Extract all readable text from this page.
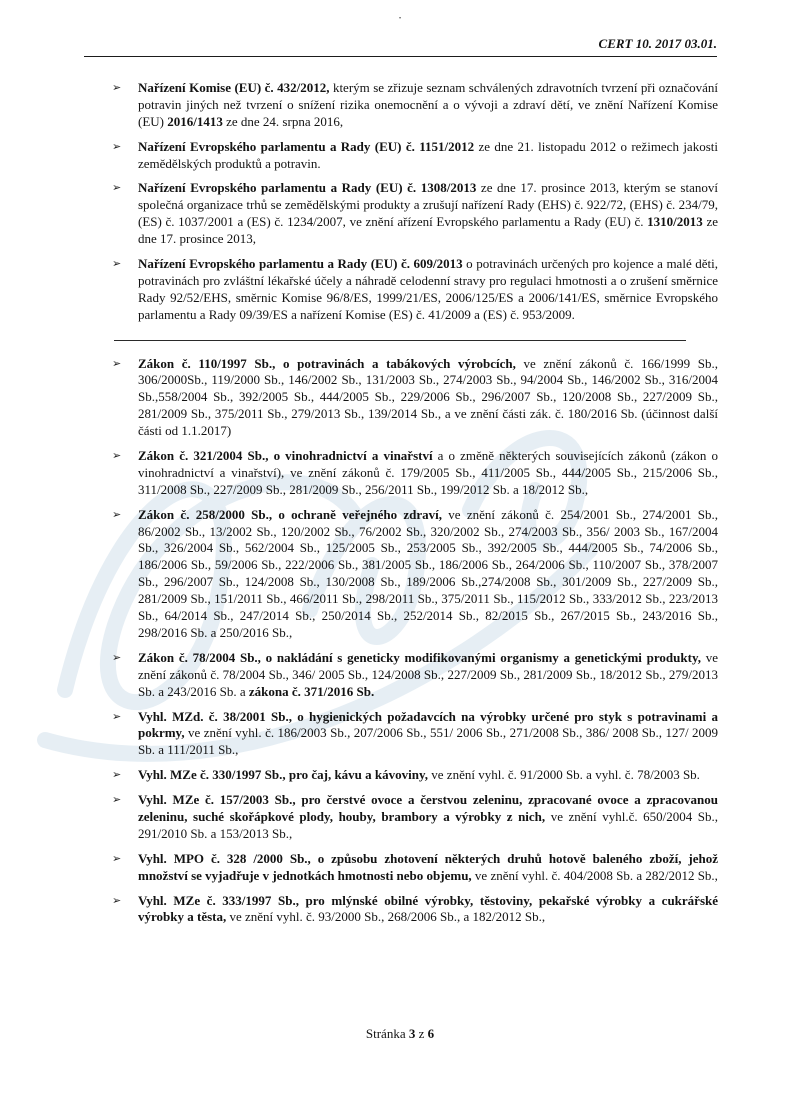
·
CERT 10. 2017 03.01.
➢ Nařízení Komise (EU) č. 432/2012, kterým se zřizuje seznam schválených zdravotních tvrzení při označování potravin jiných než tvrzení o snížení rizika onemocnění a o vývoji a zdraví dětí, ve znění Nařízení Komise (EU) 2016/1413 ze dne 24. srpna 2016,
➢ Nařízení Evropského parlamentu a Rady (EU) č. 1151/2012 ze dne 21. listopadu 2012 o režimech jakosti zemědělských produktů a potravin.
➢ Nařízení Evropského parlamentu a Rady (EU) č. 1308/2013 ze dne 17. prosince 2013, kterým se stanoví společná organizace trhů se zemědělskými produkty a zrušují nařízení Rady (EHS) č. 922/72, (EHS) č. 234/79, (ES) č. 1037/2001 a (ES) č. 1234/2007, ve znění ařízení Evropského parlamentu a Rady (EU) č. 1310/2013 ze dne 17. prosince 2013,
➢ Nařízení Evropského parlamentu a Rady (EU) č. 609/2013 o potravinách určených pro kojence a malé děti, potravinách pro zvláštní lékařské účely a náhradě celodenní stravy pro regulaci hmotnosti a o zrušení směrnice Rady 92/52/EHS, směrnic Komise 96/8/ES, 1999/21/ES, 2006/125/ES a 2006/141/ES, směrnice Evropského parlamentu a Rady 09/39/ES a nařízení Komise (ES) č. 41/2009 a (ES) č. 953/2009.
➢ Zákon č. 110/1997 Sb., o potravinách a tabákových výrobcích, ve znění zákonů č. 166/1999 Sb., 306/2000Sb., 119/2000 Sb., 146/2002 Sb., 131/2003 Sb., 274/2003 Sb., 94/2004 Sb., 146/2002 Sb., 316/2004 Sb.,558/2004 Sb., 392/2005 Sb., 444/2005 Sb., 229/2006 Sb., 296/2007 Sb., 120/2008 Sb., 227/2009 Sb., 281/2009 Sb., 375/2011 Sb., 279/2013 Sb., 139/2014 Sb., a ve znění části zák. č. 180/2016 Sb. (účinnost další části od 1.1.2017)
➢ Zákon č. 321/2004 Sb., o vinohradnictví a vinařství a o změně některých souvisejících zákonů (zákon o vinohradnictví a vinařství), ve znění zákonů č. 179/2005 Sb., 411/2005 Sb., 444/2005 Sb., 215/2006 Sb., 311/2008 Sb., 227/2009 Sb., 281/2009 Sb., 256/2011 Sb., 199/2012 Sb. a 18/2012 Sb.,
➢ Zákon č. 258/2000 Sb., o ochraně veřejného zdraví, ve znění zákonů č. 254/2001 Sb., 274/2001 Sb., 86/2002 Sb., 13/2002 Sb., 120/2002 Sb., 76/2002 Sb., 320/2002 Sb., 274/2003 Sb., 356/ 2003 Sb., 167/2004 Sb., 326/2004 Sb., 562/2004 Sb., 125/2005 Sb., 253/2005 Sb., 392/2005 Sb., 444/2005 Sb., 74/2006 Sb., 186/2006 Sb., 59/2006 Sb., 222/2006 Sb., 381/2005 Sb., 186/2006 Sb., 264/2006 Sb., 110/2007 Sb., 378/2007 Sb., 296/2007 Sb., 124/2008 Sb., 130/2008 Sb., 189/2006 Sb.,274/2008 Sb., 301/2009 Sb., 227/2009 Sb., 281/2009 Sb., 151/2011 Sb., 466/2011 Sb., 298/2011 Sb., 375/2011 Sb., 115/2012 Sb., 333/2012 Sb., 223/2013 Sb., 64/2014 Sb., 247/2014 Sb., 250/2014 Sb., 252/2014 Sb., 82/2015 Sb., 267/2015 Sb., 243/2016 Sb., 298/2016 Sb. a 250/2016 Sb.,
➢ Zákon č. 78/2004 Sb., o nakládání s geneticky modifikovanými organismy a genetickými produkty, ve znění zákonů č. 78/2004 Sb., 346/ 2005 Sb., 124/2008 Sb., 227/2009 Sb., 281/2009 Sb., 18/2012 Sb., 279/2013 Sb. a 243/2016 Sb. a zákona č. 371/2016 Sb.
➢ Vyhl. MZd. č. 38/2001 Sb., o hygienických požadavcích na výrobky určené pro styk s potravinami a pokrmy, ve znění vyhl. č. 186/2003 Sb., 207/2006 Sb., 551/ 2006 Sb., 271/2008 Sb., 386/ 2008 Sb., 127/ 2009 Sb. a 111/2011 Sb.,
➢ Vyhl. MZe č. 330/1997 Sb., pro čaj, kávu a kávoviny, ve znění vyhl. č. 91/2000 Sb. a vyhl. č. 78/2003 Sb.
➢ Vyhl. MZe č. 157/2003 Sb., pro čerstvé ovoce a čerstvou zeleninu, zpracované ovoce a zpracovanou zeleninu, suché skořápkové plody, houby, brambory a výrobky z nich, ve znění vyhl.č. 650/2004 Sb., 291/2010 Sb. a 153/2013 Sb.,
➢ Vyhl. MPO č. 328 /2000 Sb., o způsobu zhotovení některých druhů hotově baleného zboží, jehož množství se vyjadřuje v jednotkách hmotnosti nebo objemu, ve znění vyhl. č. 404/2008 Sb. a 282/2012 Sb.,
➢ Vyhl. MZe č. 333/1997 Sb., pro mlýnské obilné výrobky, těstoviny, pekařské výrobky a cukrářské výrobky a těsta, ve znění vyhl. č. 93/2000 Sb., 268/2006 Sb., a 182/2012 Sb.,
Stránka 3 z 6
